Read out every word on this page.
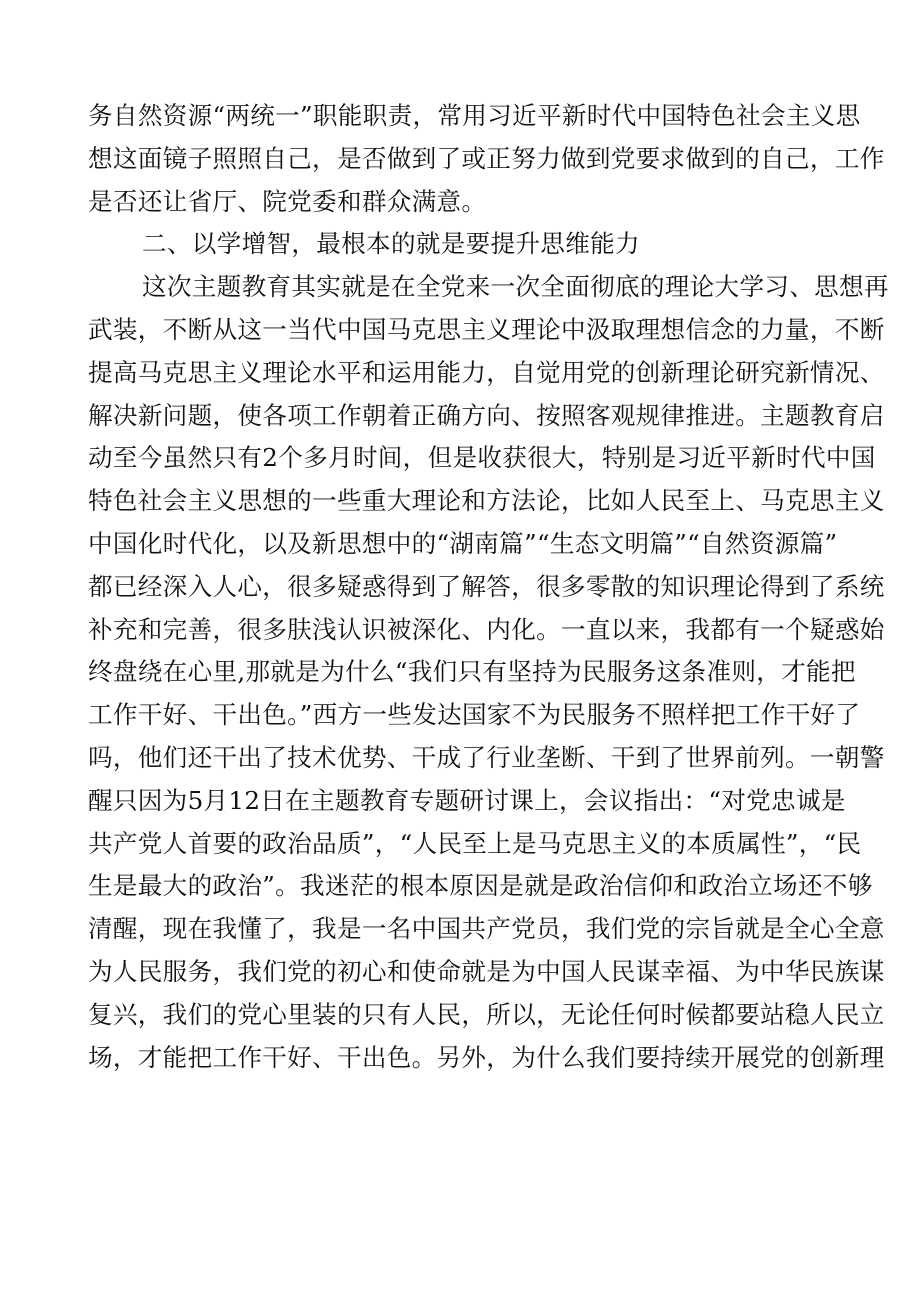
务自然资源“两统一”职能职责，常用习近平新时代中国特色社会主义思
想这面镜子照照自己，是否做到了或正努力做到党要求做到的自己，工作
是否还让省厅、院党委和群众满意。
二、以学增智，最根本的就是要提升思维能力
这次主题教育其实就是在全党来一次全面彻底的理论大学习、思想再
武装，不断从这一当代中国马克思主义理论中汲取理想信念的力量，不断
提高马克思主义理论水平和运用能力，自觉用党的创新理论研究新情况、
解决新问题，使各项工作朝着正确方向、按照客观规律推进。主题教育启
动至今虽然只有2个多月时间，但是收获很大，特别是习近平新时代中国
特色社会主义思想的一些重大理论和方法论，比如人民至上、马克思主义
中国化时代化，以及新思想中的“湖南篇”“生态文明篇”“自然资源篇”
都已经深入人心，很多疑惑得到了解答，很多零散的知识理论得到了系统
补充和完善，很多肤浅认识被深化、内化。一直以来，我都有一个疑惑始
终盘绕在心里,那就是为什么“我们只有坚持为民服务这条准则，才能把
工作干好、干出色。”西方一些发达国家不为民服务不照样把工作干好了
吗，他们还干出了技术优势、干成了行业垄断、干到了世界前列。一朝警
醒只因为5月12日在主题教育专题研讨课上，会议指出：“对党忠诚是
共产党人首要的政治品质”，“人民至上是马克思主义的本质属性”，“民
生是最大的政治”。我迷茫的根本原因是就是政治信仰和政治立场还不够
清醒，现在我懂了，我是一名中国共产党员，我们党的宗旨就是全心全意
为人民服务，我们党的初心和使命就是为中国人民谋幸福、为中华民族谋
复兴，我们的党心里装的只有人民，所以，无论任何时候都要站稳人民立
场，才能把工作干好、干出色。另外，为什么我们要持续开展党的创新理
